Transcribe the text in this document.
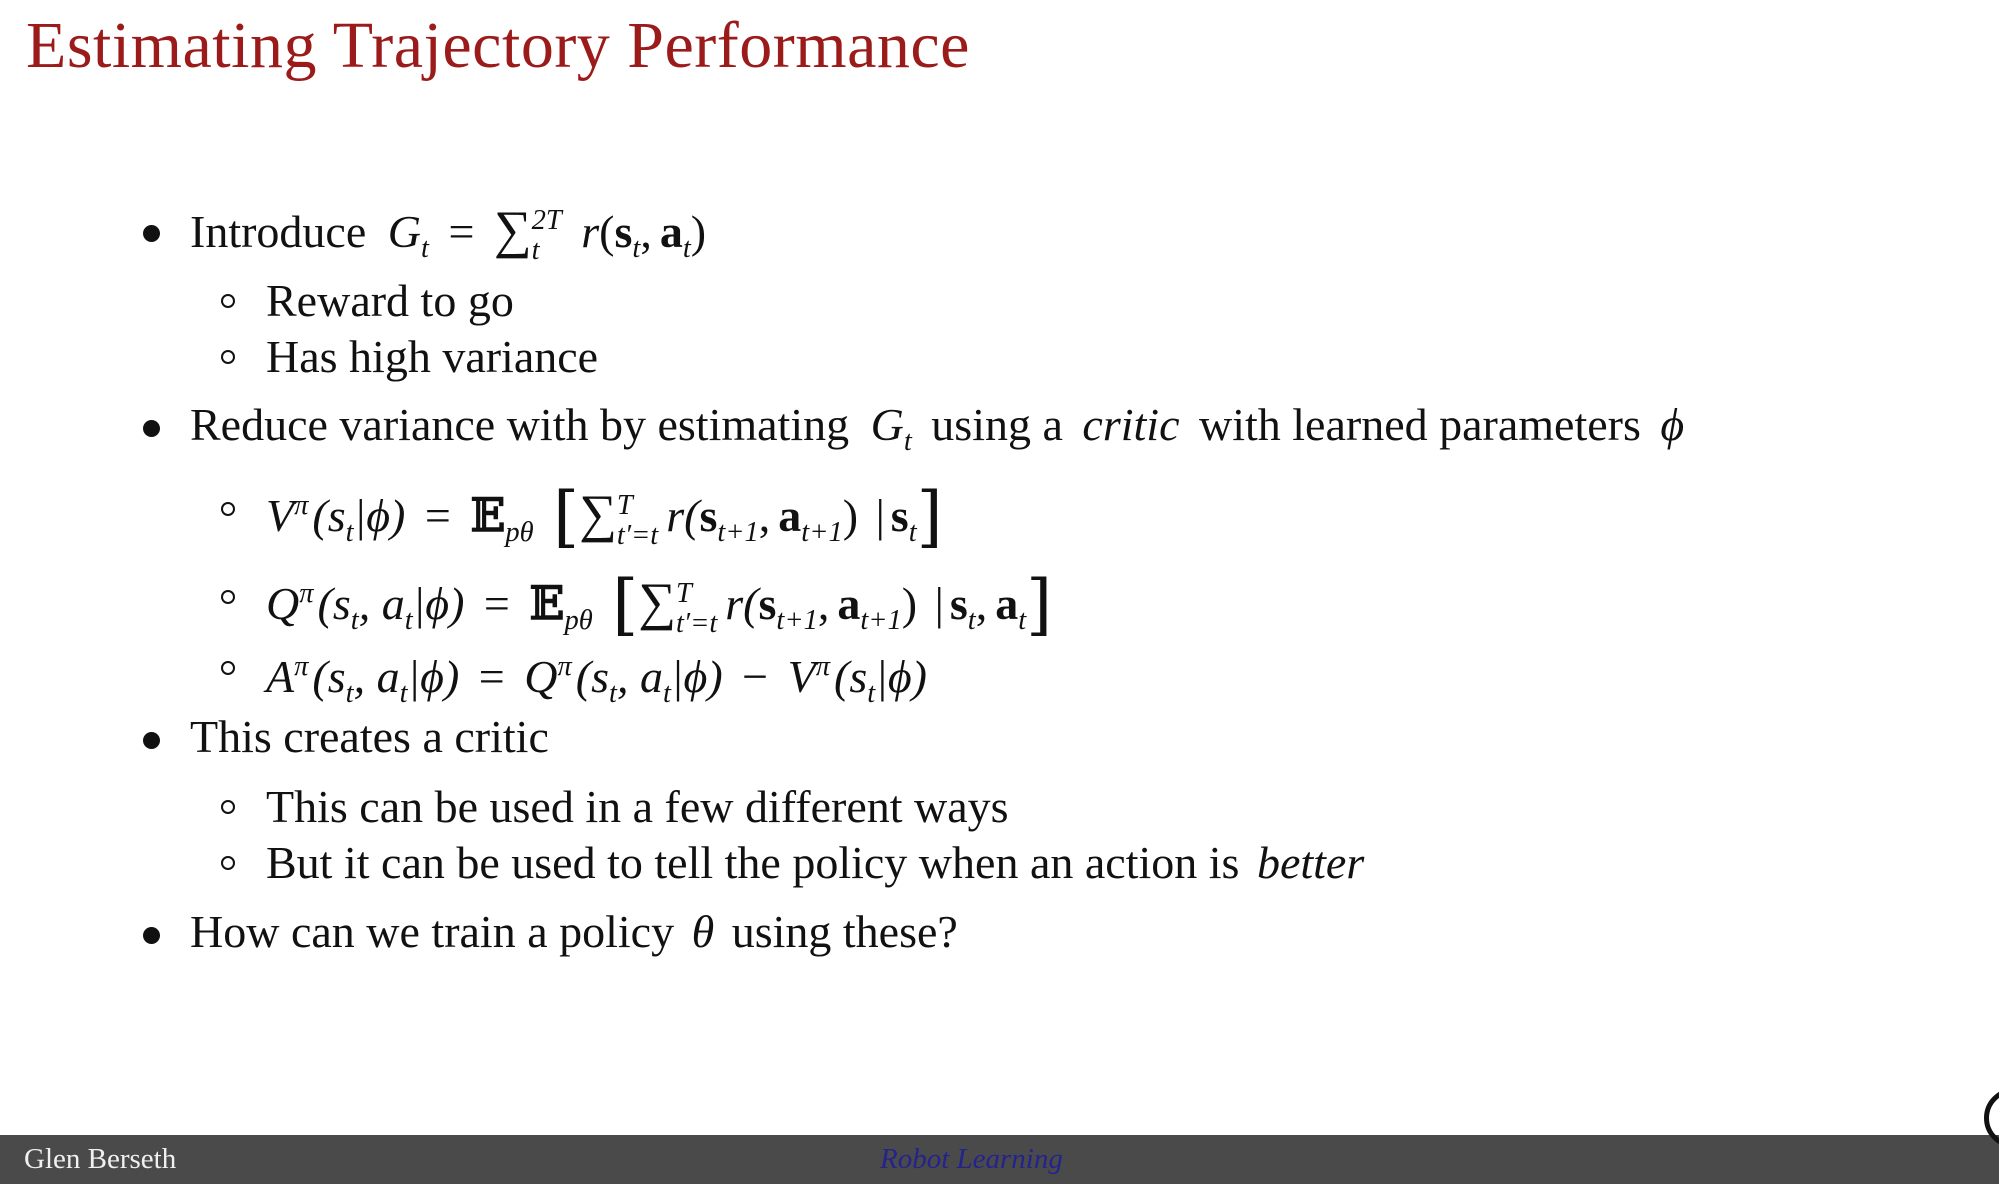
Estimating Trajectory Performance
Introduce $G_t$ = ∑ 2T
t $r(s_t$, $a_t$)
Reward to go
Has high variance
Reduce variance with by estimating $G_t$ using a critic with learned parameters ϕ
$V^\pi(s_t|\phi)$ = 𝔼$_{p\theta}$ [∑ T
t′=t $r(s_{t+1}$, $a_{t+1}$) | $s_t$]
$Q^\pi(s_t$, $a_t|\phi$) = 𝔼$_{p\theta}$ [∑ T
t′=t $r(s_{t+1}$, $a_{t+1}$) | $s_t$, $a_t$]
$A^\pi(s_t$, $a_t|\phi) = Q^\pi(s_t$, $a_t|\phi) - V^\pi(s_t|\phi)$
This creates a critic
This can be used in a few different ways
But it can be used to tell the policy when an action is better
How can we train a policy θ using these?
Glen Berseth	Robot Learning
